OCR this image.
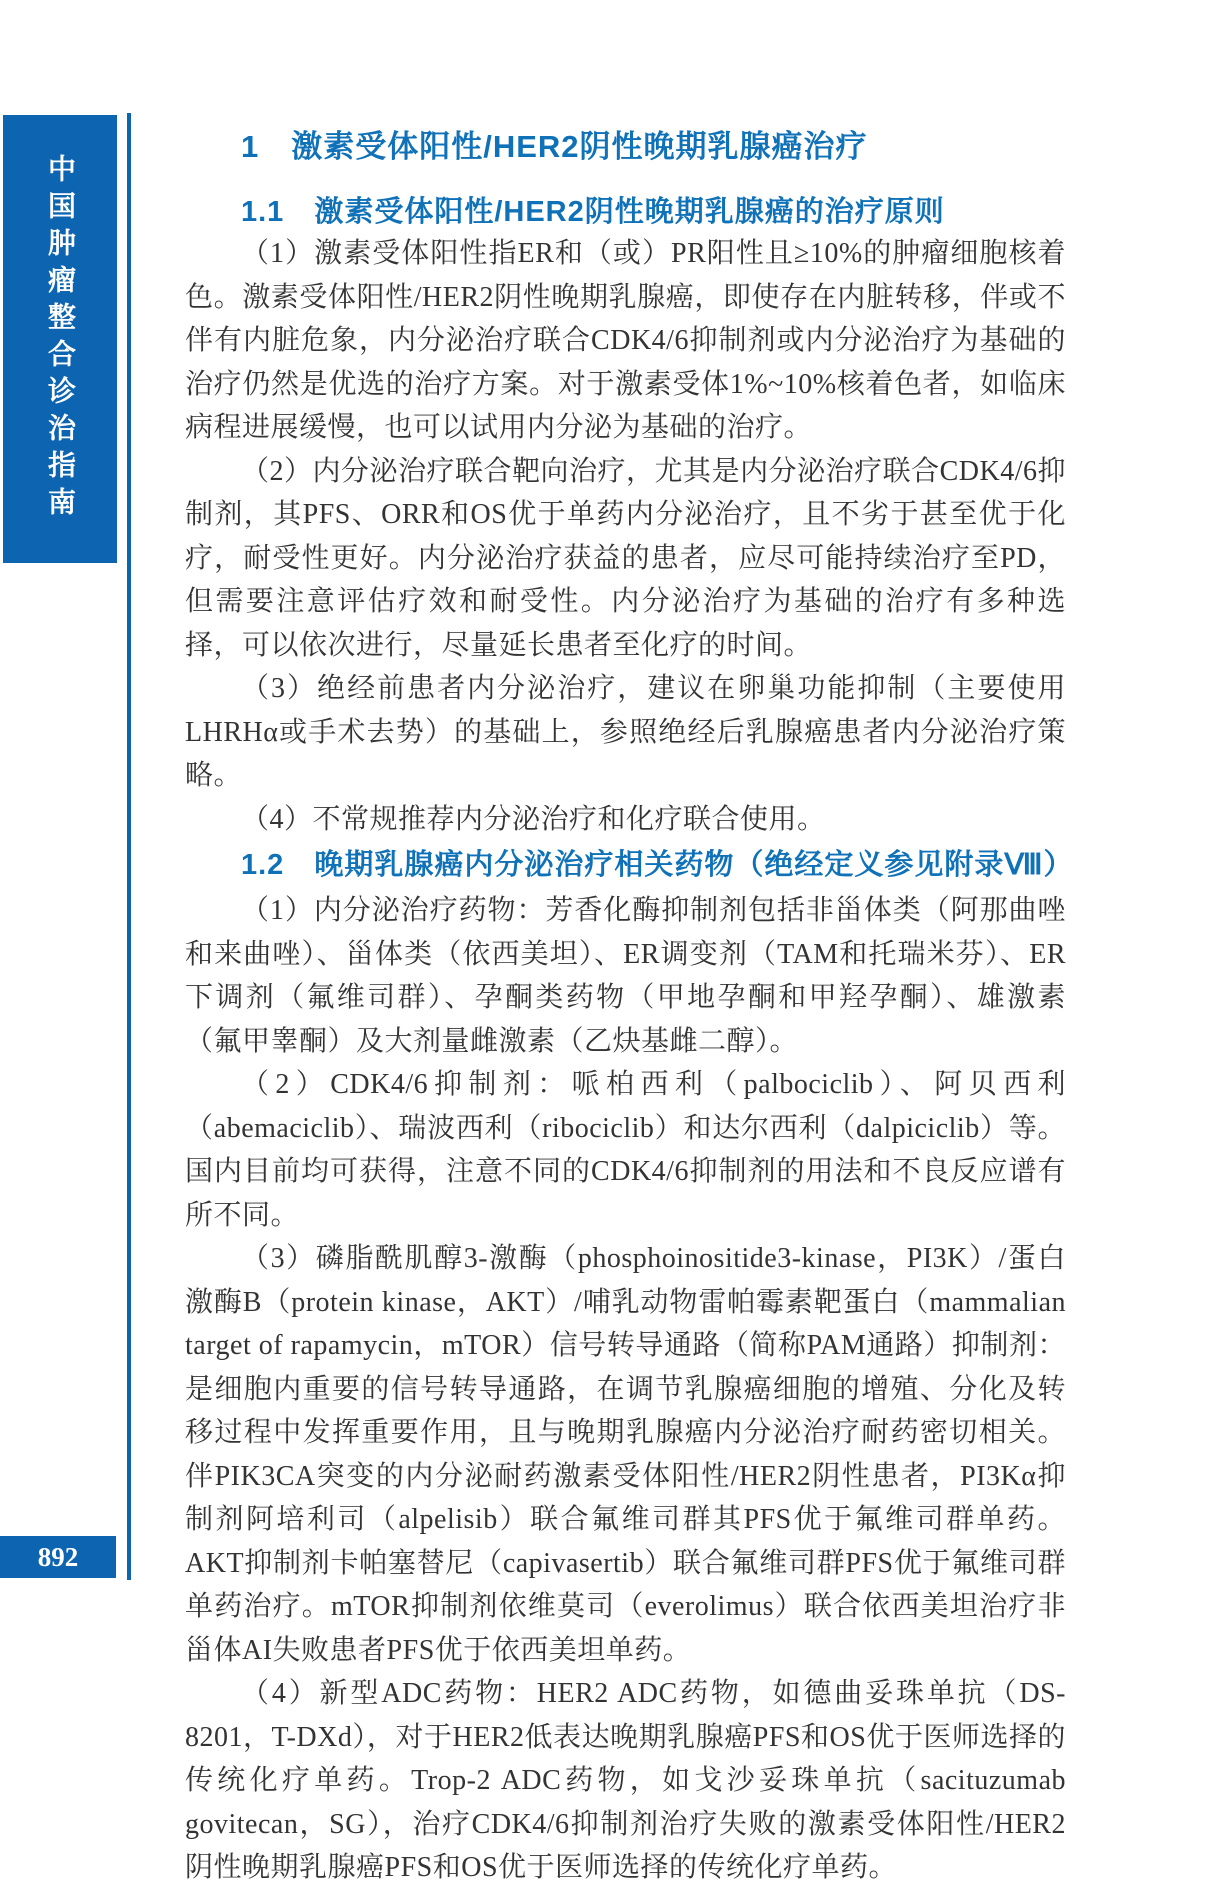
中国肿瘤整合诊治指南
892
1　激素受体阳性/HER2阴性晚期乳腺癌治疗
1.1　激素受体阳性/HER2阴性晚期乳腺癌的治疗原则

（1）激素受体阳性指ER和（或）PR阳性且≥10%的肿瘤细胞核着色。激素受体阳性/HER2阴性晚期乳腺癌，即使存在内脏转移，伴或不伴有内脏危象，内分泌治疗联合CDK4/6抑制剂或内分泌治疗为基础的治疗仍然是优选的治疗方案。对于激素受体1%~10%核着色者，如临床病程进展缓慢，也可以试用内分泌为基础的治疗。

（2）内分泌治疗联合靶向治疗，尤其是内分泌治疗联合CDK4/6抑制剂，其PFS、ORR和OS优于单药内分泌治疗，且不劣于甚至优于化疗，耐受性更好。内分泌治疗获益的患者，应尽可能持续治疗至PD，但需要注意评估疗效和耐受性。内分泌治疗为基础的治疗有多种选择，可以依次进行，尽量延长患者至化疗的时间。

（3）绝经前患者内分泌治疗，建议在卵巢功能抑制（主要使用LHRHα或手术去势）的基础上，参照绝经后乳腺癌患者内分泌治疗策略。

（4）不常规推荐内分泌治疗和化疗联合使用。

1.2　晚期乳腺癌内分泌治疗相关药物（绝经定义参见附录Ⅷ）

（1）内分泌治疗药物：芳香化酶抑制剂包括非甾体类（阿那曲唑和来曲唑）、甾体类（依西美坦）、ER调变剂（TAM和托瑞米芬）、ER下调剂（氟维司群）、孕酮类药物（甲地孕酮和甲羟孕酮）、雄激素（氟甲睾酮）及大剂量雌激素（乙炔基雌二醇）。

（2）CDK4/6抑制剂：哌柏西利（palbociclib）、阿贝西利（abemaciclib）、瑞波西利（ribociclib）和达尔西利（dalpiciclib）等。国内目前均可获得，注意不同的CDK4/6抑制剂的用法和不良反应谱有所不同。

（3）磷脂酰肌醇3-激酶（phosphoinositide3-kinase，PI3K）/蛋白激酶B（protein kinase，AKT）/哺乳动物雷帕霉素靶蛋白（mammalian target of rapamycin，mTOR）信号转导通路（简称PAM通路）抑制剂：是细胞内重要的信号转导通路，在调节乳腺癌细胞的增殖、分化及转移过程中发挥重要作用，且与晚期乳腺癌内分泌治疗耐药密切相关。伴PIK3CA突变的内分泌耐药激素受体阳性/HER2阴性患者，PI3Kα抑制剂阿培利司（alpelisib）联合氟维司群其PFS优于氟维司群单药。AKT抑制剂卡帕塞替尼（capivasertib）联合氟维司群PFS优于氟维司群单药治疗。mTOR抑制剂依维莫司（everolimus）联合依西美坦治疗非甾体AI失败患者PFS优于依西美坦单药。

（4）新型ADC药物：HER2 ADC药物，如德曲妥珠单抗（DS-8201，T-DXd），对于HER2低表达晚期乳腺癌PFS和OS优于医师选择的传统化疗单药。Trop-2 ADC药物，如戈沙妥珠单抗（sacituzumab govitecan，SG），治疗CDK4/6抑制剂治疗失败的激素受体阳性/HER2阴性晚期乳腺癌PFS和OS优于医师选择的传统化疗单药。
